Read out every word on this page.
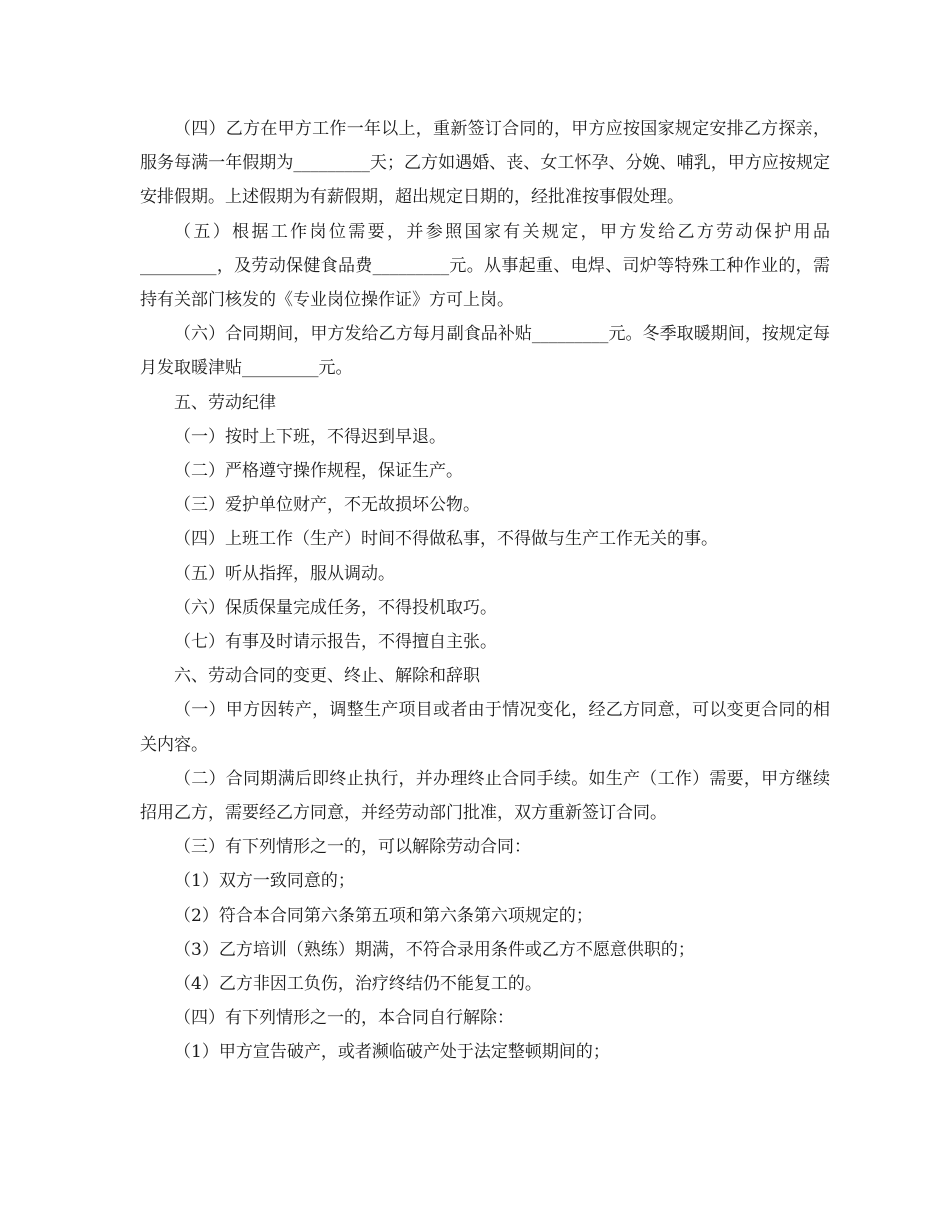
（四）乙方在甲方工作一年以上，重新签订合同的，甲方应按国家规定安排乙方探亲，服务每满一年假期为_________天；乙方如遇婚、丧、女工怀孕、分娩、哺乳，甲方应按规定安排假期。上述假期为有薪假期，超出规定日期的，经批准按事假处理。

（五）根据工作岗位需要，并参照国家有关规定，甲方发给乙方劳动保护用品_________，及劳动保健食品费_________元。从事起重、电焊、司炉等特殊工种作业的，需持有关部门核发的《专业岗位操作证》方可上岗。

（六）合同期间，甲方发给乙方每月副食品补贴_________元。冬季取暖期间，按规定每月发取暖津贴_________元。

五、劳动纪律

（一）按时上下班，不得迟到早退。

（二）严格遵守操作规程，保证生产。

（三）爱护单位财产，不无故损坏公物。

（四）上班工作（生产）时间不得做私事，不得做与生产工作无关的事。

（五）听从指挥，服从调动。

（六）保质保量完成任务，不得投机取巧。

（七）有事及时请示报告，不得擅自主张。

六、劳动合同的变更、终止、解除和辞职

（一）甲方因转产，调整生产项目或者由于情况变化，经乙方同意，可以变更合同的相关内容。

（二）合同期满后即终止执行，并办理终止合同手续。如生产（工作）需要，甲方继续招用乙方，需要经乙方同意，并经劳动部门批准，双方重新签订合同。

（三）有下列情形之一的，可以解除劳动合同：

（1）双方一致同意的；

（2）符合本合同第六条第五项和第六条第六项规定的；

（3）乙方培训（熟练）期满，不符合录用条件或乙方不愿意供职的；

（4）乙方非因工负伤，治疗终结仍不能复工的。

（四）有下列情形之一的，本合同自行解除：

（1）甲方宣告破产，或者濒临破产处于法定整顿期间的；
